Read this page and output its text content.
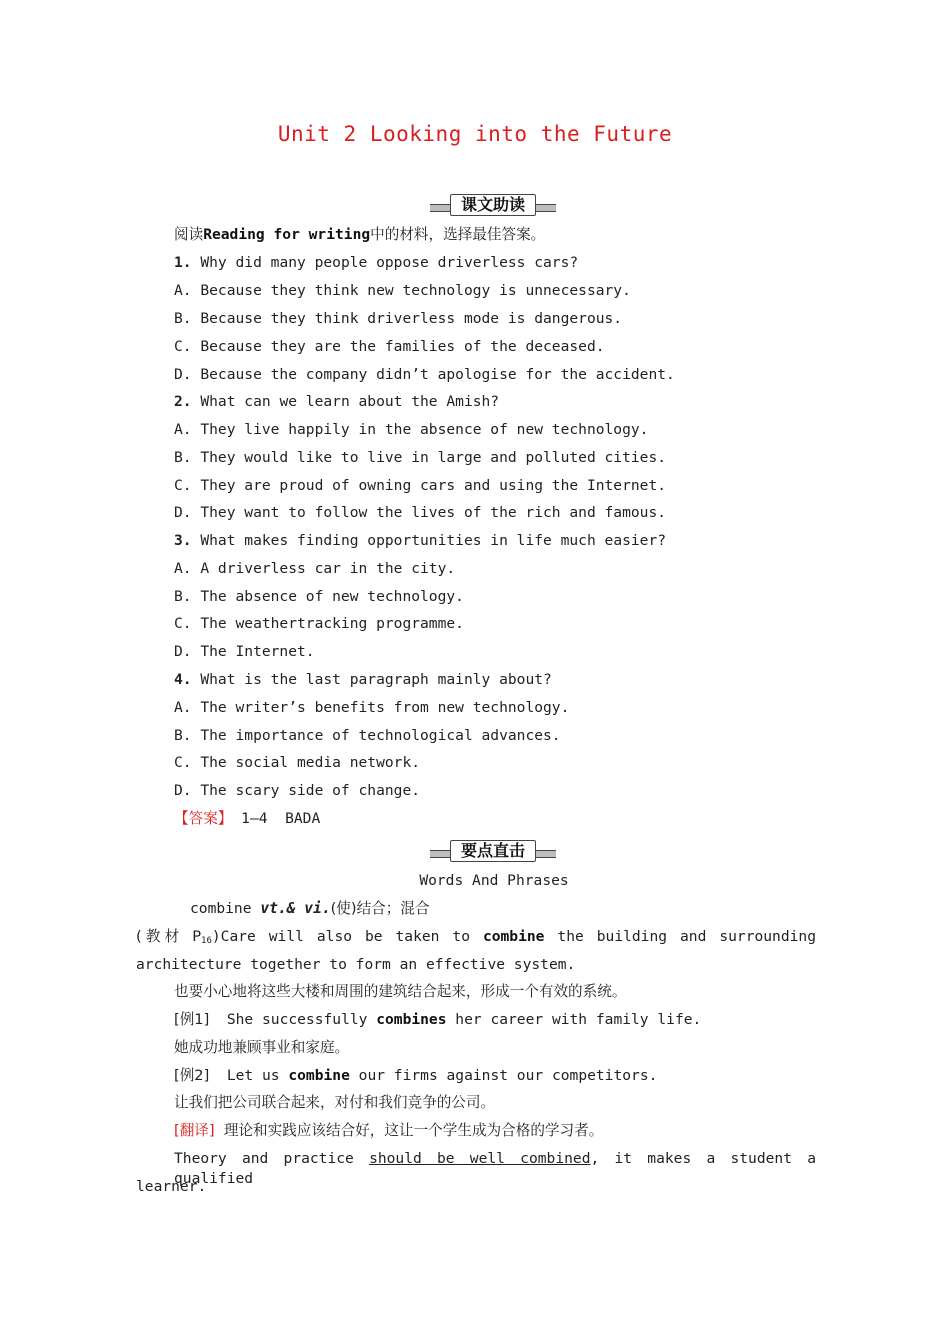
Unit 2 Looking into the Future
课文助读
阅读Reading for writing中的材料，选择最佳答案。
1. Why did many people oppose driverless cars?
A. Because they think new technology is unnecessary.
B. Because they think driverless mode is dangerous.
C. Because they are the families of the deceased.
D. Because the company didn’t apologise for the accident.
2. What can we learn about the Amish?
A. They live happily in the absence of new technology.
B. They would like to live in large and polluted cities.
C. They are proud of owning cars and using the Internet.
D. They want to follow the lives of the rich and famous.
3. What makes finding opportunities in life much easier?
A. A driverless car in the city.
B. The absence of new technology.
C. The weathertracking programme.
D. The Internet.
4. What is the last paragraph mainly about?
A. The writer’s benefits from new technology.
B. The importance of technological advances.
C. The social media network.
D. The scary side of change.
【答案】 1—4  BADA
要点直击
Words And Phrases
combine vt.& vi.(使)结合；混合
(教材 $P_{16})Care$ will also be taken to combine the building and surrounding
architecture together to form an effective system.
也要小心地将这些大楼和周围的建筑结合起来，形成一个有效的系统。
[例1]  She successfully combines her career with family life.
她成功地兼顾事业和家庭。
[例2]  Let us combine our firms against our competitors.
让我们把公司联合起来，对付和我们竞争的公司。
[翻译]  理论和实践应该结合好，这让一个学生成为合格的学习者。
Theory and practice should be well combined, it makes a student a qualified
learner.
